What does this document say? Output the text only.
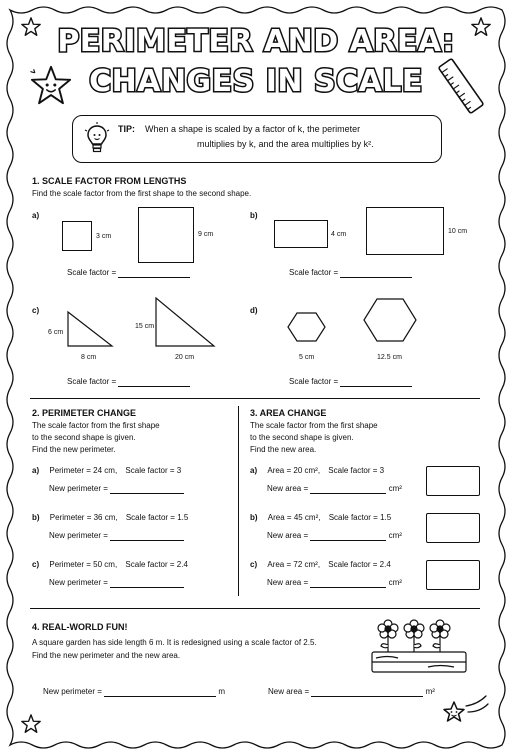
PERIMETER AND AREA:
CHANGES IN SCALE
TIP: When a shape is scaled by a factor of k, the perimeter
multiplies by k, and the area multiplies by k².
1. SCALE FACTOR FROM LENGTHS
Find the scale factor from the first shape to the second shape.
a)
3 cm	9 cm
Scale factor =
b)
4 cm	10 cm
Scale factor =
c)
6 cm
8 cm
15 cm
20 cm
Scale factor =
d)
5 cm	12.5 cm
Scale factor =
2. PERIMETER CHANGE
The scale factor from the first shape
to the second shape is given.
Find the new perimeter.
a) Perimeter = 24 cm, Scale factor = 3
New perimeter =
b) Perimeter = 36 cm, Scale factor = 1.5
New perimeter =
c) Perimeter = 50 cm, Scale factor = 2.4
New perimeter =
3. AREA CHANGE
The scale factor from the first shape
to the second shape is given.
Find the new area.
a) Area = 20 cm², Scale factor = 3
New area =	cm²
b) Area = 45 cm², Scale factor = 1.5
New area =	cm²
c) Area = 72 cm², Scale factor = 2.4
New area =	cm²
4. REAL-WORLD FUN!
A square garden has side length 6 m. It is redesigned using a scale factor of 2.5.
Find the new perimeter and the new area.
New perimeter =	m	New area =	m²
